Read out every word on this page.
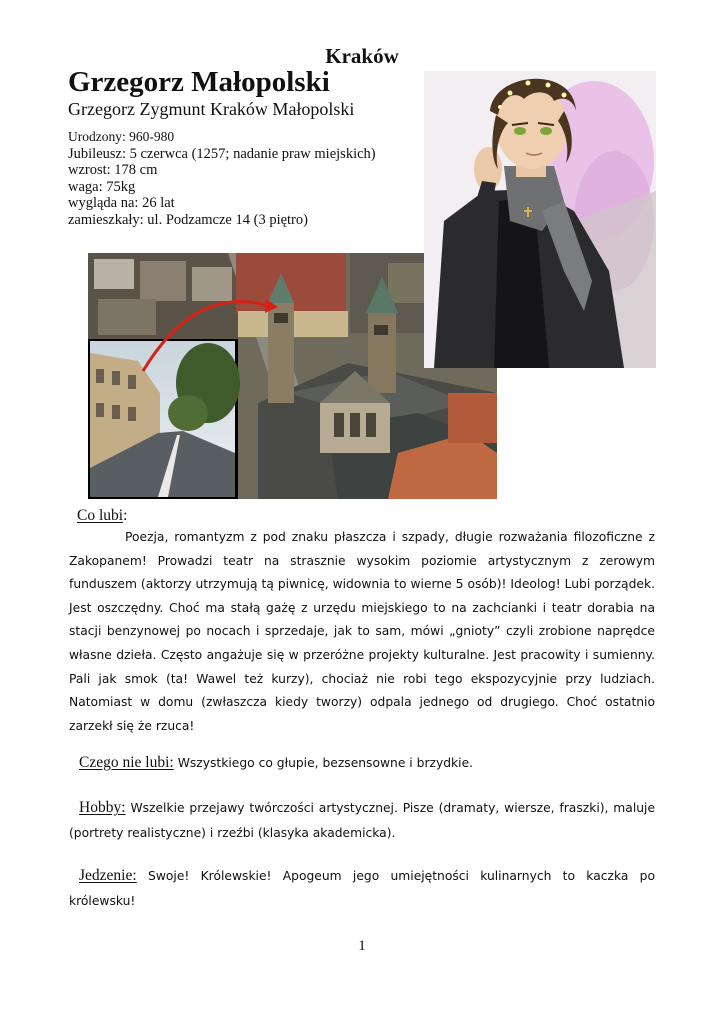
Kraków
Grzegorz Małopolski
Grzegorz Zygmunt Kraków Małopolski
Urodzony: 960-980
Jubileusz: 5 czerwca (1257; nadanie praw miejskich)
wzrost: 178 cm
waga: 75kg
wygląda na: 26 lat
zamieszkały: ul. Podzamcze 14 (3 piętro)
Co lubi:

Poezja, romantyzm z pod znaku płaszcza i szpady, długie rozważania filozoficzne z Zakopanem! Prowadzi teatr na strasznie wysokim poziomie artystycznym z zerowym funduszem (aktorzy utrzymują tą piwnicę, widownia to wierne 5 osób)! Ideolog! Lubi porządek. Jest oszczędny. Choć ma stałą gażę z urzędu miejskiego to na zachcianki i teatr dorabia na stacji benzynowej po nocach i sprzedaje, jak to sam, mówi „gnioty” czyli zrobione naprędce własne dzieła. Często angażuje się w przeróżne projekty kulturalne. Jest pracowity i sumienny. Pali jak smok (ta! Wawel też kurzy), chociaż nie robi tego ekspozycyjnie przy ludziach. Natomiast w domu (zwłaszcza kiedy tworzy) odpala jednego od drugiego. Choć ostatnio zarzekł się że rzuca!

Czego nie lubi: Wszystkiego co głupie, bezsensowne i brzydkie.

Hobby: Wszelkie przejawy twórczości artystycznej. Pisze (dramaty, wiersze, fraszki), maluje (portrety realistyczne) i rzeźbi (klasyka akademicka).

Jedzenie: Swoje! Królewskie! Apogeum jego umiejętności kulinarnych to kaczka po królewsku!

1
